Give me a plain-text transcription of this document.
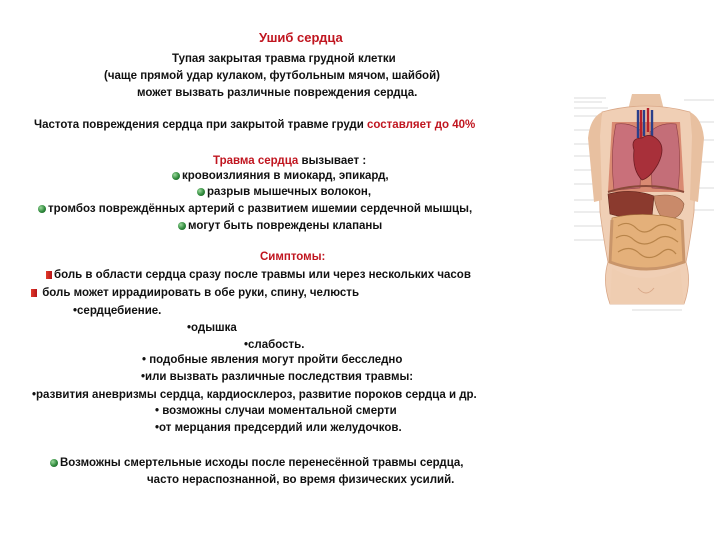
Ушиб сердца
Тупая закрытая травма грудной клетки
(чаще прямой удар кулаком, футбольным мячом, шайбой)
может вызвать различные повреждения сердца.
Частота повреждения сердца при закрытой травме груди составляет до 40%
Травма сердца вызывает :
кровоизлияния в миокард, эпикард,
разрыв мышечных волокон,
тромбоз повреждённых артерий с развитием ишемии сердечной мышцы,
могут быть повреждены клапаны
Симптомы:
боль в области сердца сразу после травмы или через нескольких часов
боль может иррадиировать в обе руки, спину, челюсть
• сердцебиение.
• одышка
• слабость.
• подобные явления могут пройти бесследно
• или вызвать различные последствия травмы:
• развития аневризмы сердца, кардиосклероз, развитие пороков сердца и др.
• возможны случаи моментальной смерти
• от мерцания предсердий или желудочков.
Возможны смертельные исходы после перенесённой травмы сердца,
часто нераспознанной, во время физических усилий.
